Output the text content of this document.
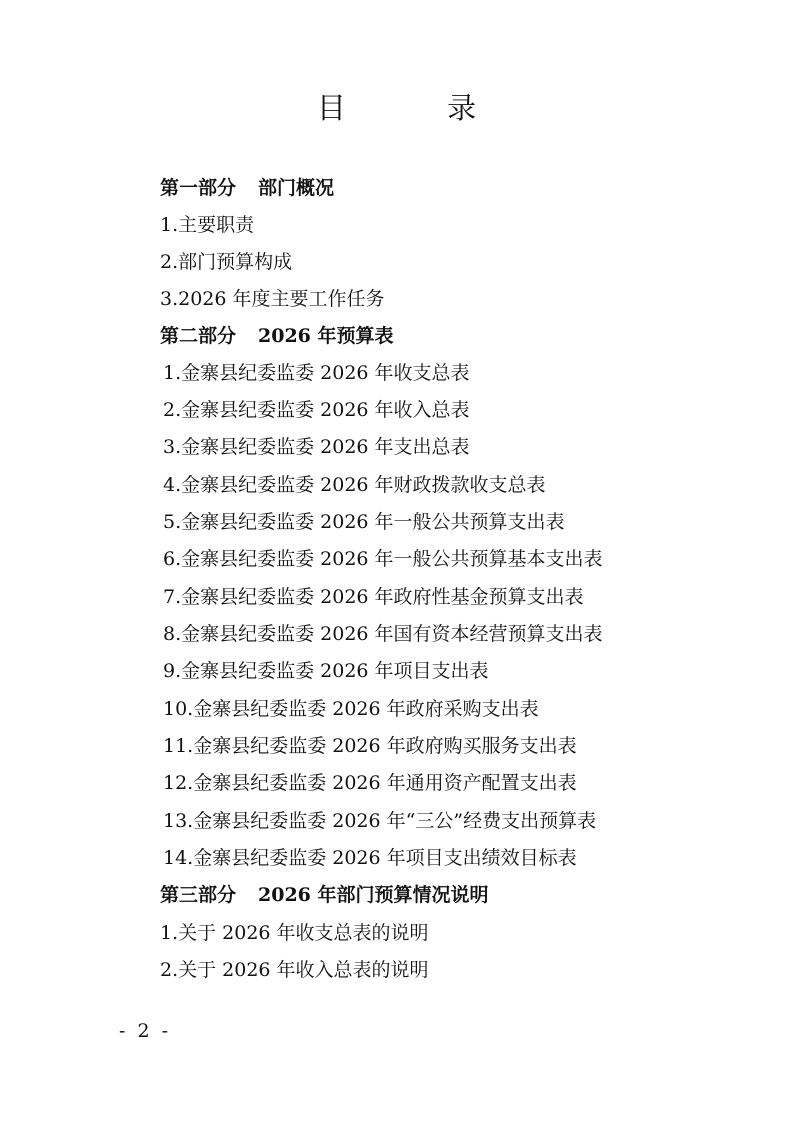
目 录
第一部分 部门概况
1.主要职责
2.部门预算构成
3.2026 年度主要工作任务
第二部分 2026 年预算表
1.金寨县纪委监委 2026 年收支总表
2.金寨县纪委监委 2026 年收入总表
3.金寨县纪委监委 2026 年支出总表
4.金寨县纪委监委 2026 年财政拨款收支总表
5.金寨县纪委监委 2026 年一般公共预算支出表
6.金寨县纪委监委 2026 年一般公共预算基本支出表
7.金寨县纪委监委 2026 年政府性基金预算支出表
8.金寨县纪委监委 2026 年国有资本经营预算支出表
9.金寨县纪委监委 2026 年项目支出表
10.金寨县纪委监委 2026 年政府采购支出表
11.金寨县纪委监委 2026 年政府购买服务支出表
12.金寨县纪委监委 2026 年通用资产配置支出表
13.金寨县纪委监委 2026 年“三公”经费支出预算表
14.金寨县纪委监委 2026 年项目支出绩效目标表
第三部分 2026 年部门预算情况说明
1.关于 2026 年收支总表的说明
2.关于 2026 年收入总表的说明
- 2 -
